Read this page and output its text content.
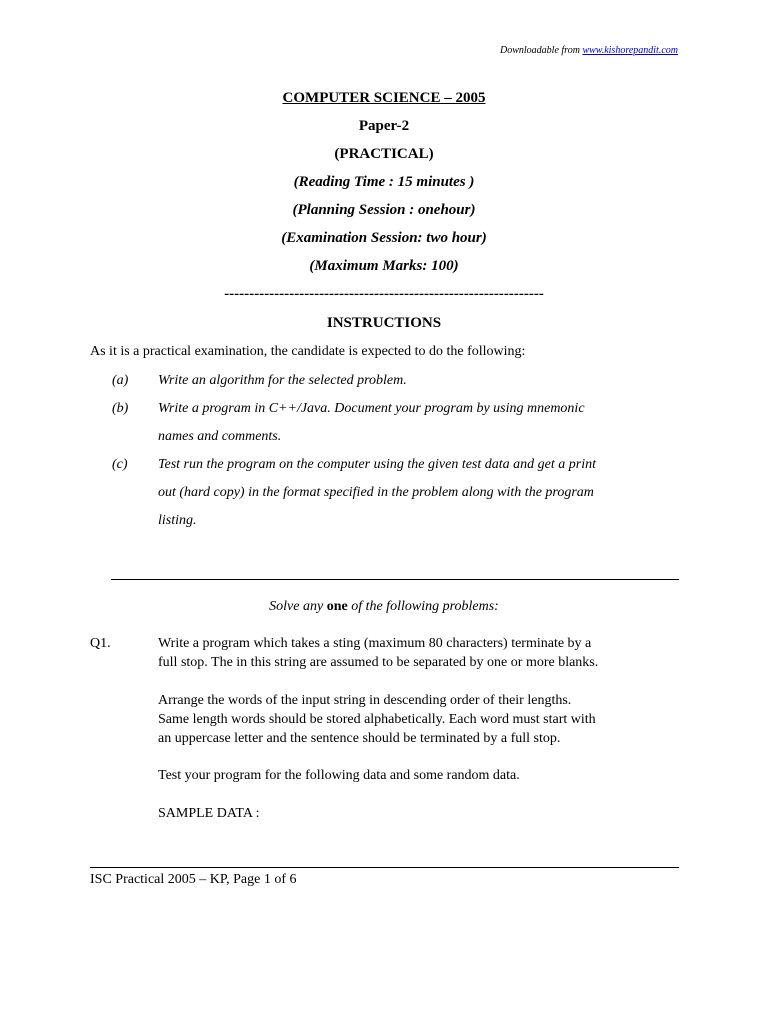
Downloadable from www.kishorepandit.com
COMPUTER SCIENCE – 2005
Paper-2
(PRACTICAL)
(Reading Time : 15 minutes )
(Planning Session : onehour)
(Examination Session: two hour)
(Maximum Marks: 100)
----------------------------------------------------------------
INSTRUCTIONS
As it is a practical examination, the candidate is expected to do the following:
(a) Write an algorithm for the selected problem.
(b) Write a program in C++/Java. Document your program by using mnemonic
names and comments.
(c) Test run the program on the computer using the given test data and get a print
out (hard copy) in the format specified in the problem along with the program
listing.
Solve any one of the following problems:
Q1.	Write a program which takes a sting (maximum 80 characters) terminate by a
full stop. The in this string are assumed to be separated by one or more blanks.
Arrange the words of the input string in descending order of their lengths.
Same length words should be stored alphabetically. Each word must start with
an uppercase letter and the sentence should be terminated by a full stop.
Test your program for the following data and some random data.
SAMPLE DATA :
ISC Practical 2005 – KP, Page 1 of 6
